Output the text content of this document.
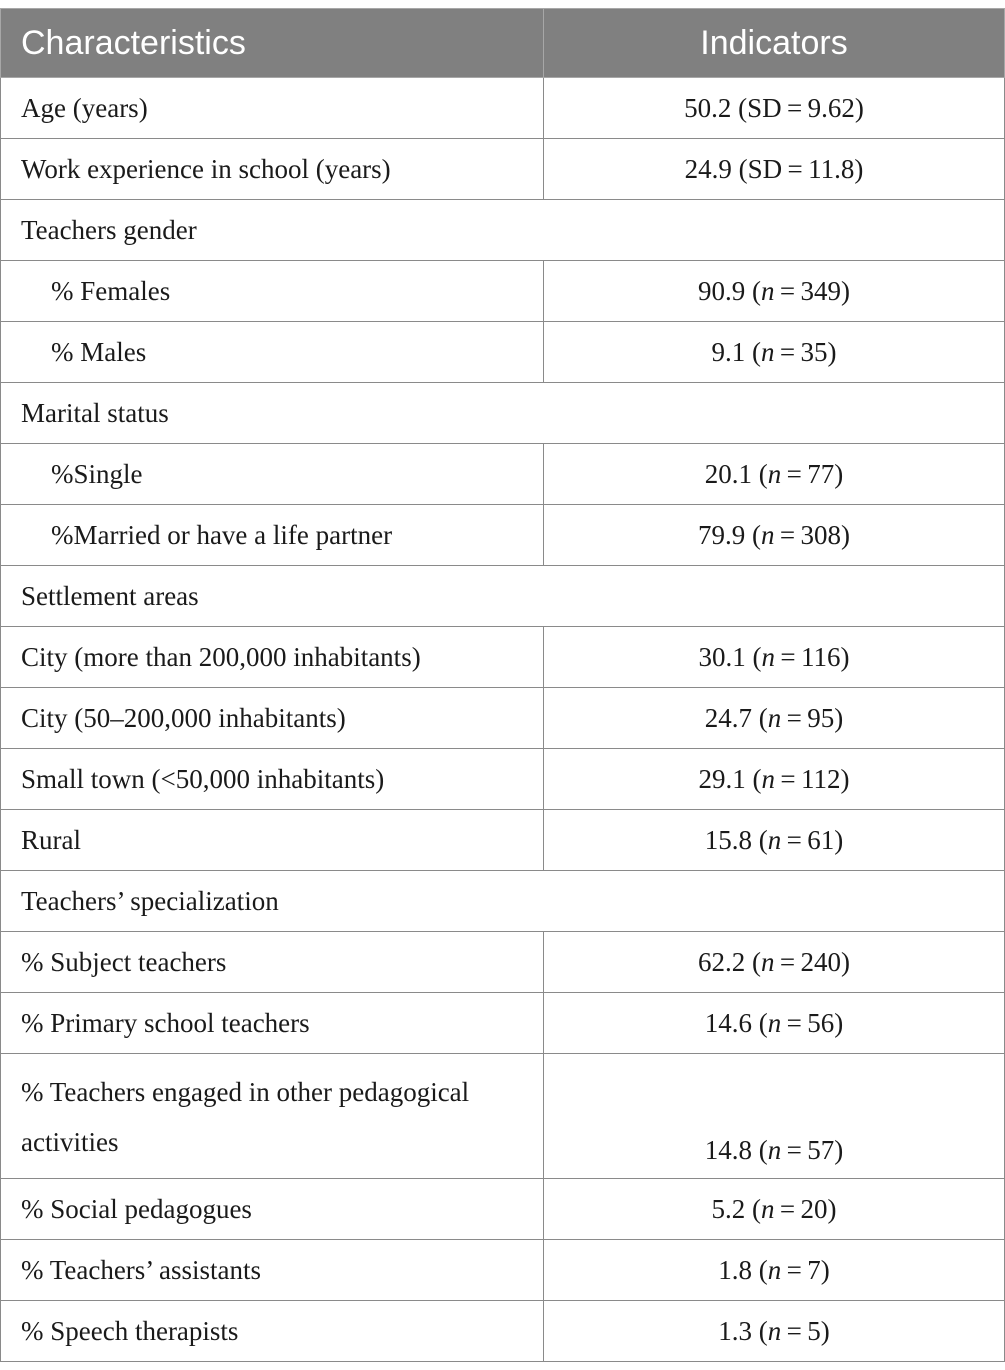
Characteristics	Indicators
Age (years)	50.2 (SD = 9.62)
Work experience in school (years)	24.9 (SD = 11.8)
Teachers gender	
% Females	90.9 (n = 349)
% Males	9.1 (n = 35)
Marital status	
%Single	20.1 (n = 77)
%Married or have a life partner	79.9 (n = 308)
Settlement areas	
City (more than 200,000 inhabitants)	30.1 (n = 116)
City (50–200,000 inhabitants)	24.7 (n = 95)
Small town (<50,000 inhabitants)	29.1 (n = 112)
Rural	15.8 (n = 61)
Teachers’ specialization	
% Subject teachers	62.2 (n = 240)
% Primary school teachers	14.6 (n = 56)
% Teachers engaged in other pedagogical
activities	14.8 (n = 57)
% Social pedagogues	5.2 (n = 20)
% Teachers’ assistants	1.8 (n = 7)
% Speech therapists	1.3 (n = 5)
